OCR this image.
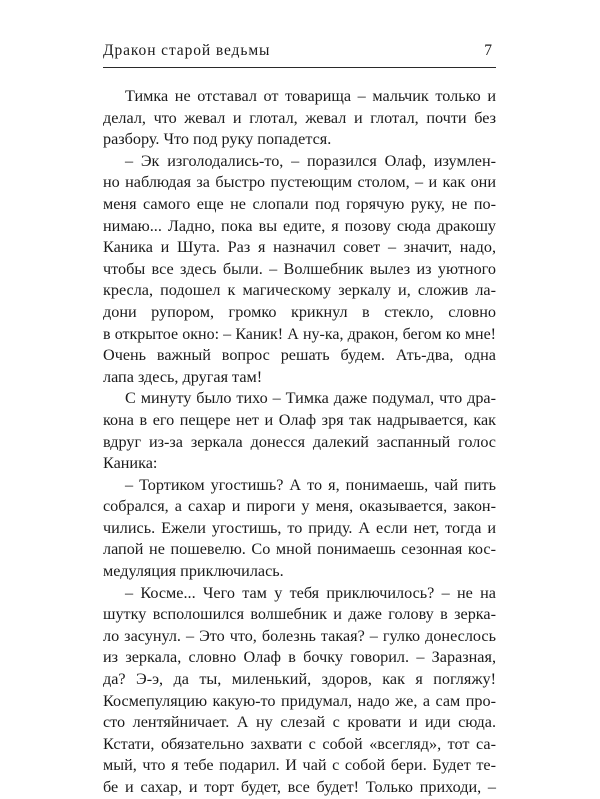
Дракон старой ведьмы	7
Тимка не отставал от товарища – мальчик только и
делал, что жевал и глотал, жевал и глотал, почти без
разбору. Что под руку попадется.
– Эк изголодались-то, – поразился Олаф, изумлен-
но наблюдая за быстро пустеющим столом, – и как они
меня самого еще не слопали под горячую руку, не по-
нимаю... Ладно, пока вы едите, я позову сюда дракошу
Каника и Шута. Раз я назначил совет – значит, надо,
чтобы все здесь были. – Волшебник вылез из уютного
кресла, подошел к магическому зеркалу и, сложив ла-
дони рупором, громко крикнул в стекло, словно
в открытое окно: – Каник! А ну-ка, дракон, бегом ко мне!
Очень важный вопрос решать будем. Ать-два, одна
лапа здесь, другая там!
С минуту было тихо – Тимка даже подумал, что дра-
кона в его пещере нет и Олаф зря так надрывается, как
вдруг из-за зеркала донесся далекий заспанный голос
Каника:
– Тортиком угостишь? А то я, понимаешь, чай пить
собрался, а сахар и пироги у меня, оказывается, закон-
чились. Ежели угостишь, то приду. А если нет, тогда и
лапой не пошевелю. Со мной понимаешь сезонная кос-
медуляция приключилась.
– Косме... Чего там у тебя приключилось? – не на
шутку всполошился волшебник и даже голову в зерка-
ло засунул. – Это что, болезнь такая? – гулко донеслось
из зеркала, словно Олаф в бочку говорил. – Заразная,
да? Э-э, да ты, миленький, здоров, как я погляжу!
Космепуляцию какую-то придумал, надо же, а сам про-
сто лентяйничает. А ну слезай с кровати и иди сюда.
Кстати, обязательно захвати с собой «всегляд», тот са-
мый, что я тебе подарил. И чай с собой бери. Будет те-
бе и сахар, и торт будет, все будет! Только приходи, –
